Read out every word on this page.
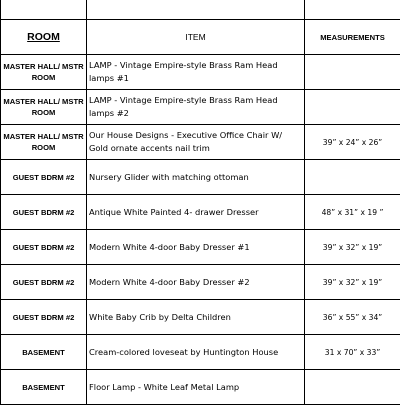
ROOM	ITEM	MEASUREMENTS
MASTER HALL/ MSTR ROOM	LAMP - Vintage Empire-style Brass Ram Head lamps #1	
MASTER HALL/ MSTR ROOM	LAMP - Vintage Empire-style Brass Ram Head lamps #2	
MASTER HALL/ MSTR ROOM	Our House Designs - Executive Office Chair W/ Gold ornate accents nail trim	39” x 24” x 26”
GUEST BDRM #2	Nursery Glider with matching ottoman	
GUEST BDRM #2	Antique White Painted 4- drawer Dresser	48” x 31” x 19 ”
GUEST BDRM #2	Modern White 4-door Baby Dresser #1	39” x 32” x 19”
GUEST BDRM #2	Modern White 4-door Baby Dresser #2	39” x 32” x 19”
GUEST BDRM #2	White Baby Crib by Delta Children	36” x 55” x 34”
BASEMENT	Cream-colored loveseat by Huntington House	31 x 70” x 33”
BASEMENT	Floor Lamp - White Leaf Metal Lamp	
